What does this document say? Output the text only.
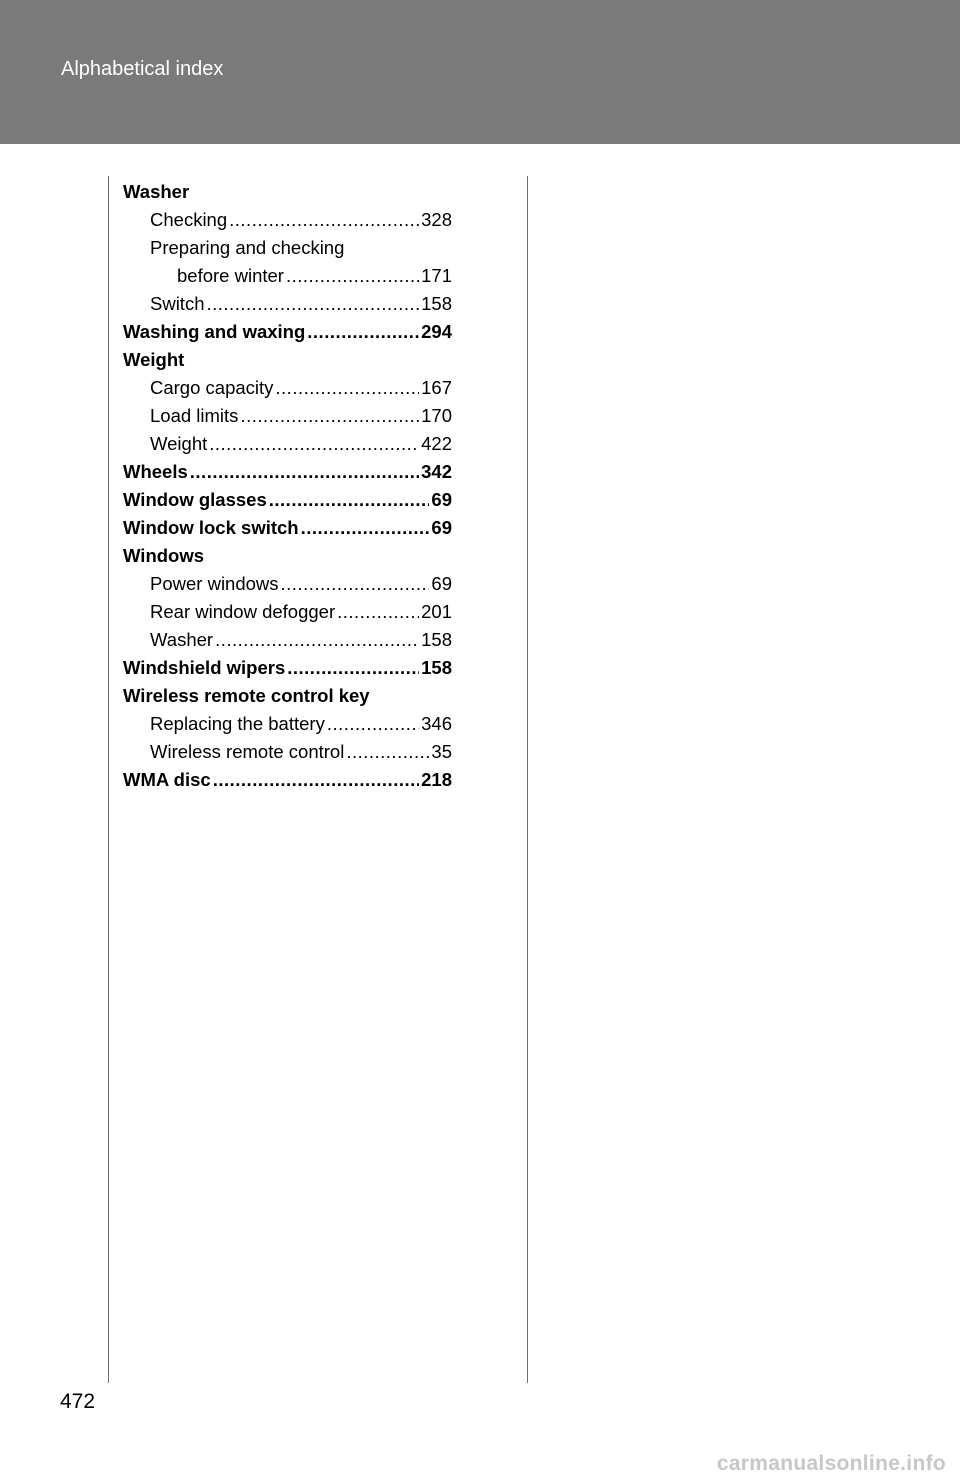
Alphabetical index
Washer
Checking .....	328
Preparing and checking
before winter .....	171
Switch .....	158
Washing and waxing .....	294
Weight
Cargo capacity .....	167
Load limits .....	170
Weight .....	422
Wheels .....	342
Window glasses .....	69
Window lock switch .....	69
Windows
Power windows .....	69
Rear window defogger .....	201
Washer .....	158
Windshield wipers .....	158
Wireless remote control key
Replacing the battery .....	346
Wireless remote control .....	35
WMA disc .....	218
472
carmanualsonline.info
